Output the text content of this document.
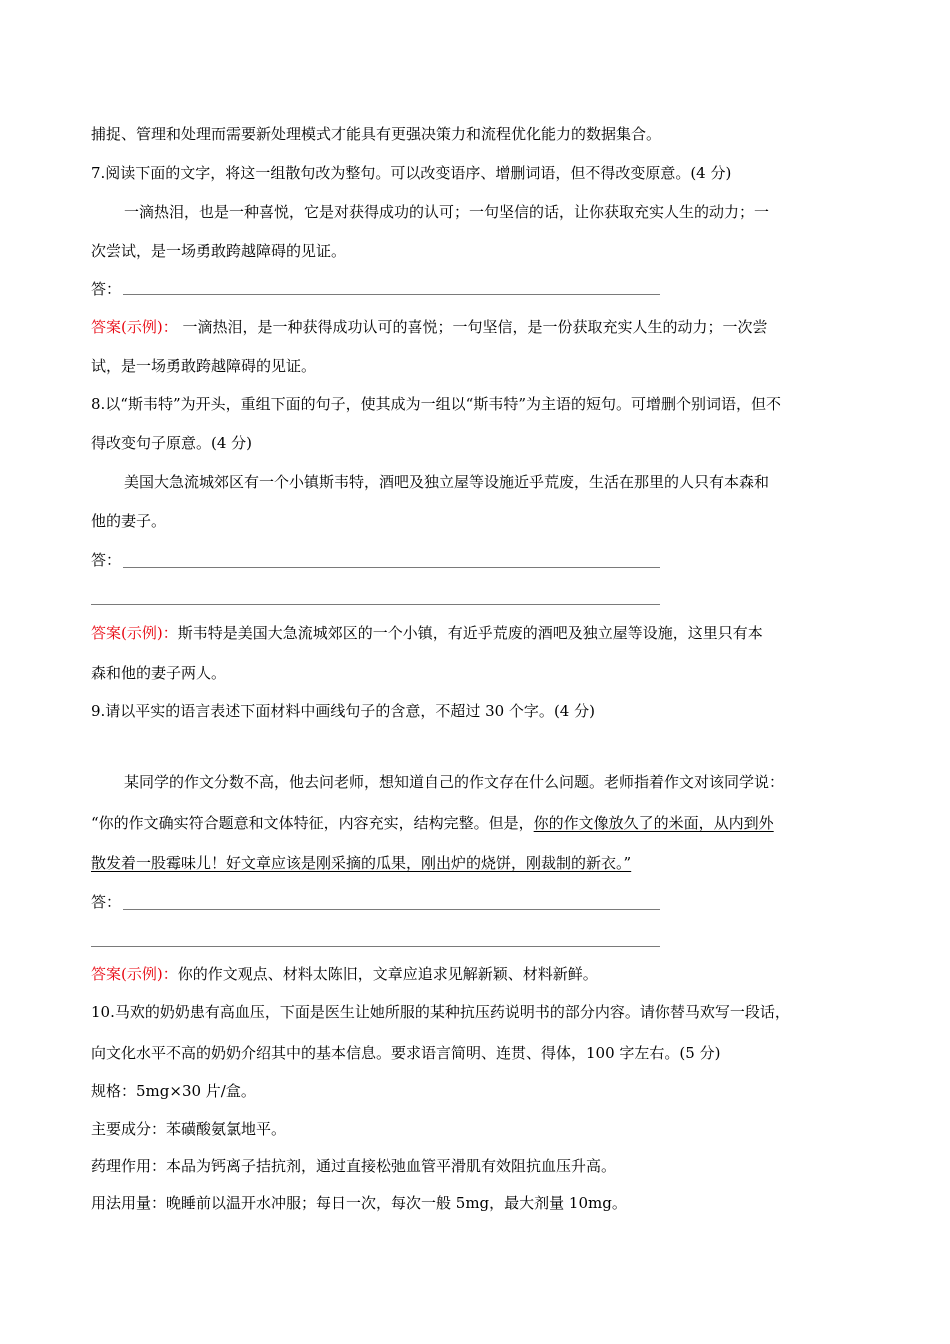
捕捉、管理和处理而需要新处理模式才能具有更强决策力和流程优化能力的数据集合。
7.阅读下面的文字，将这一组散句改为整句。可以改变语序、增删词语，但不得改变原意。(4 分)
一滴热泪，也是一种喜悦，它是对获得成功的认可；一句坚信的话，让你获取充实人生的动力；一
次尝试，是一场勇敢跨越障碍的见证。
答：
答案(示例)： 一滴热泪，是一种获得成功认可的喜悦；一句坚信，是一份获取充实人生的动力；一次尝
试，是一场勇敢跨越障碍的见证。
8.以“斯韦特”为开头，重组下面的句子，使其成为一组以“斯韦特”为主语的短句。可增删个别词语，但不
得改变句子原意。(4 分)
美国大急流城郊区有一个小镇斯韦特，酒吧及独立屋等设施近乎荒废，生活在那里的人只有本森和
他的妻子。
答：
答案(示例)：斯韦特是美国大急流城郊区的一个小镇，有近乎荒废的酒吧及独立屋等设施，这里只有本
森和他的妻子两人。
9.请以平实的语言表述下面材料中画线句子的含意，不超过 30 个字。(4 分)
某同学的作文分数不高，他去问老师，想知道自己的作文存在什么问题。老师指着作文对该同学说：
“你的作文确实符合题意和文体特征，内容充实，结构完整。但是，你的作文像放久了的米面，从内到外
散发着一股霉味儿！好文章应该是刚采摘的瓜果，刚出炉的烧饼，刚裁制的新衣。”
答：
答案(示例)：你的作文观点、材料太陈旧，文章应追求见解新颖、材料新鲜。
10.马欢的奶奶患有高血压，下面是医生让她所服的某种抗压药说明书的部分内容。请你替马欢写一段话，
向文化水平不高的奶奶介绍其中的基本信息。要求语言简明、连贯、得体，100 字左右。(5 分)
规格：5mg×30 片/盒。
主要成分：苯磺酸氨氯地平。
药理作用：本品为钙离子拮抗剂，通过直接松弛血管平滑肌有效阻抗血压升高。
用法用量：晚睡前以温开水冲服；每日一次，每次一般 5mg，最大剂量 10mg。
